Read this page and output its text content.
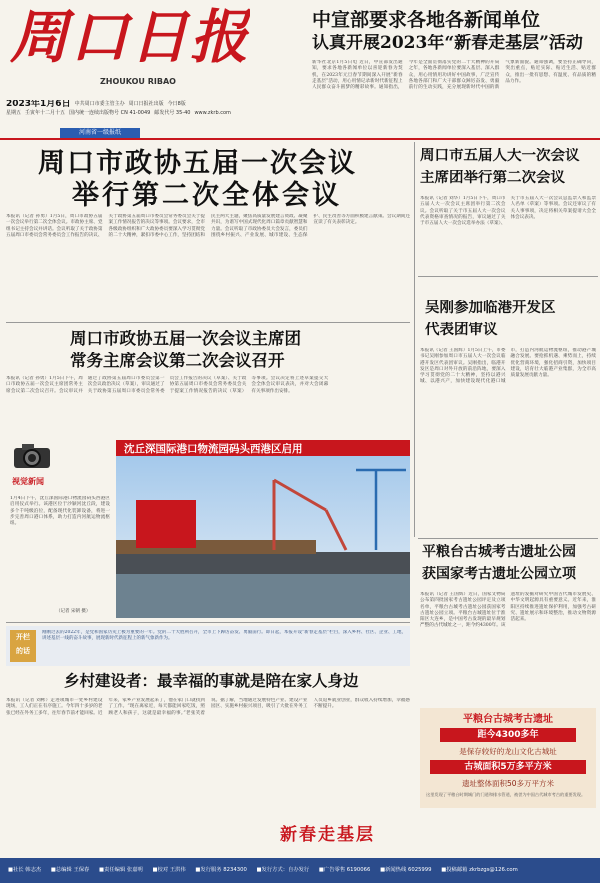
周口日报
ZHOUKOU RIBAO
中宣部要求各地各新闻单位
认真开展2023年“新春走基层”活动
2023年1月6日 中共周口市委主管主办 周口日报社出版 今日8版
星期五 壬寅年十二月十五 国内统一连续出版物号 CN 41-0049 邮发代号 35-40 www.zkrb.com
河南省一级报纸
新华社北京1月5日电 近日，中宣部发出通知，要求各地各新闻单位以喜迎新春为契机，在2023年元旦春节期间深入开展“新春走基层”活动，用心用情记录新时代新征程上人民群众奋斗圆梦的精彩故事。通知指出，今年是全面贯彻落实党的二十大精神的开局之年，各地各新闻单位要深入基层、深入群众，用心用情用功讲好中国故事，广泛宣传各地各部门和广大干部群众踔厉奋发、勇毅前行的生动实践，充分展现新时代中国的新气象新面貌。通知强调，要坚持正确导向，突出重点，贴近实际、贴近生活、贴近群众，推出一批有思想、有温度、有品质的精品力作。
周口市政协五届一次会议
举行第二次全体会议
本报讯（记者 孙勇）1月5日，周口市政协五届一次会议举行第二次全体会议。市政协主席、党组书记主持会议并讲话。会议听取了关于政协第五届周口市委员会常务委员会工作报告的决议、关于政协第五届周口市委员会常务委员会关于提案工作情况报告的决议等事项。会议要求，全市各级政协组织和广大政协委员要深入学习贯彻党的二十大精神，紧扣市委中心工作，坚持团结和民主两大主题，聚焦高质量发展建言资政、凝聚共识，为谱写中国式现代化周口篇章贡献智慧和力量。会议听取了市政协委员大会发言，委员们围绕乡村振兴、产业发展、城市建设、生态保护、民生改善等方面积极建言献策。会议期间还宣读了有关表彰决定。
周口市五届人大一次会议
主席团举行第二次会议
本报讯（记者 刘华）1月5日下午，周口市五届人大一次会议主席团举行第二次会议。会议听取了关于市五届人大一次会议代表资格审查情况的报告，审议通过了关于市五届人大一次会议选举办法（草案）、关于市五届人大一次会议总监票人和监票人名单（草案）等事项。会议还审议了有关人事事项，决定将相关草案提请大会全体会议表决。
吴刚参加临港开发区
代表团审议
本报讯（记者 王国辉）1月5日上午，市委书记吴刚参加周口市五届人大一次会议临港开发区代表团审议。吴刚指出，临港开发区是周口对外开放的前沿阵地，要深入学习贯彻党的二十大精神，坚持以港兴城、以港兴产，加快建设现代化港口城市，打造内河航运物流枢纽，推动港产城融合发展。要抢抓机遇、乘势而上，持续优化营商环境，强化招商引资，加快项目建设，培育壮大临港产业集群，为全市高质量发展贡献力量。
周口市政协五届一次会议主席团
常务主席会议第二次会议召开
本报讯（记者 孙勇）1月5日下午，周口市政协五届一次会议主席团常务主席会议第二次会议召开。会议审议并通过了政协第五届周口市委员会第一次会议政治决议（草案），审议通过了关于政协第五届周口市委员会常务委员会工作报告的决议（草案）、关于政协第五届周口市委员会常务委员会关于提案工作情况报告的决议（草案）等事项。会议决定将上述草案提交大会全体会议审议表决，并对大会闭幕有关事项作出安排。
视觉新闻
1月4日下午，沈丘深国际港口物流园码头西港区启用仪式举行。该港区位于沙颍河沈丘段，建设多个千吨级泊位，配备现代化装卸设备，将进一步完善周口港口体系，助力打造内河航运物流枢纽。
（记者 宋朝 摄）
沈丘深国际港口物流园码头西港区启用
平粮台古城考古遗址公园
获国家考古遗址公园立项
本报讯（记者 王国辉）近日，国家文物局公布第四批国家考古遗址公园评定及立项名单，平粮台古城考古遗址公园获国家考古遗址公园立项。平粮台古城遗址位于淮阳区大连乡，是中国考古发现的最早规划严整的古代城址之一，距今约4300年。该遗址的发掘对研究中国古代城市发展史、中华文明起源具有重要意义。近年来，淮阳区持续推进遗址保护利用，加强考古研究、遗址展示和环境整治，推动文物资源活起来。
平粮台古城考古遗址
距今4300多年
是保存较好的龙山文化古城址
古城面积5万多平方米
遗址整体面积50多万平方米
这里发现了平粮台时期城门的门道和排水管道，被誉为中国古代城市考古的重要发现。
开栏
的话
刚刚过去的2022年，是党和国家历史上极为重要的一年。党的二十大胜利召开，全市上下踔厉奋发、勇毅前行。即日起，本报开设“新春走基层”栏目，深入乡村、社区、企业、工地，讲述基层一线的奋斗故事，展现新时代新征程上的新气象新作为。
乡村建设者：最幸福的事就是陪在家人身边
本报讯（记者 刘彬）走进项城市一处乡村建设现场，工人们正在有序施工。今年四十多岁的老张已经在外务工多年，往年春节前才能回家。近年来，家乡产业发展起来了，他在家门口就找到了工作。“现在离家近，每天都能回家吃饭，照顾老人和孩子，这就是最幸福的事。”老张笑着说。据了解，当地通过发展特色产业、建设产业园区、实施乡村振兴项目，吸引了大批在外务工人员返乡就业创业，群众收入持续增加，幸福感不断提升。
新春走基层
■社长 韩志杰 ■总编辑 王保春 ■责任编辑 张嘉明 ■校对 王洪伟 ■发行服务 8234300 ■发行方式：自办发行 ■广告零售 6190066 ■新闻热线 6025999 ■投稿邮箱 zkrbzgs@126.com
